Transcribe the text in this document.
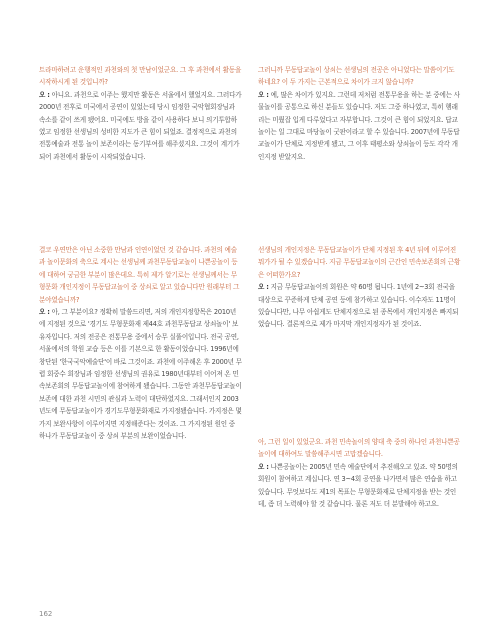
트라마하려고 운행적인 과천와의 첫 만남이었군요. 그 후 과천에서 활동을 시작하시게 된 것입니까?

오 : 아니요. 과천으로 이주는 했지만 활동은 서울에서 했었지요. 그러다가 2000년 전후로 미국에서 공연이 있었는데 당시 임정한 국악협회장님과 속소를 같이 쓰게 됐어요. 미국에도 방을 같이 사용하다 보니 의기투합하였고 임정한 선생님의 성비한 지도가 큰 힘이 되었죠. 결정적으로 과천의 전통예술과 전통 놀이 보존이라는 동기부여를 해주셨지요. 그것이 계기가 되어 과천에서 활동이 시작되었습니다.

결코 우연만은 아닌 소중한 만남과 인연이었던 것 같습니다. 과천의 예술과 놀이문화의 축으로 계시는 선생님께 과천무동답교놀이 나쁜공놀이 등에 대하여 궁금한 부분이 많은데요. 특히 제가 알기로는 선생님께서는 무형문화 개인지정이 무동답교놀이 중 상쇠로 알고 있습니다만 원래부터 그 분야였습니까?

오 : 아, 그 부분이요? 정확히 말씀드리면, 저의 개인지정항목은 2010년에 지정된 것으로 '경기도 무형문화재 제44호 과천무동답교 상쇠놀이' 보유자입니다. 저의 전공은 전통무용 중에서 승무 실풀이입니다. 전국 공연, 서울에서의 학원 교습 등은 이를 기본으로 한 활동이었습니다. 1996년에 창단된 '한국국악예술단'이 바로 그것이죠. 과천에 이주해온 후 2000년 무렵 회중수 회장님과 임정한 선생님의 권유로 1980년대부터 이어져 온 민속보존회의 무동답교놀이에 참여하게 됐습니다. 그동안 과천무동답교놀이 보존에 대한 과천 시민의 관심과 노력이 대단하였지요. 그래서인지 2003년도에 무동답교놀이가 경기도무형문화재로 가지정됐습니다. 가지정은 몇 가지 보완사항이 이루어지면 지정해준다는 것이죠. 그 가지정된 원인 중 하나가 무동답교놀이 중 상쇠 부분의 보완이었습니다.

그러니까 무동답교놀이 상쇠는 선생님의 전공은 아니었다는 말씀이기도 하네요? 이 두 가지는 근본적으로 차이가 크지 않습니까?

오 : 예, 많은 차이가 있지요. 그런데 저처럼 전통무용을 하는 분 중에는 사물놀이를 공통으로 하신 분들도 있습니다. 저도 그중 하나였고, 특히 햄래리는 미뤘잡 입게 다루었다고 자부합니다. 그것이 큰 힘이 되었지요. 답교놀이는 일 그대로 마당놀이 굿판이라고 할 수 있습니다. 2007년에 무동답교놀이가 단체로 지정받게 됐고, 그 이후 태평소와 상쇠놀이 등도 각각 개인지정 받았지요.

선생님의 개인지정은 무동답교놀이가 단체 지정된 후 4년 뒤에 이루어진 뭐가가 될 수 있겠습니다. 지금 무동답교놀이의 근간인 민속보존회의 근황은 어떠한가요?

오 : 지금 무동답교놀이의 회원은 약 60명 됩니다. 1년에 2~3회 전국을 대상으로 꾸준하게 단체 공연 등에 참가하고 있습니다. 이수자도 11명이 있습니다만, 나무 아쉽게도 단체지정으로 된 종목에서 개인지정은 빠지되었습니다. 결론적으로 제가 마지막 개인지정자가 된 것이죠.

아, 그런 일이 있었군요. 과천 민속놀이의 양대 축 중의 하나인 과천나쁜공놀이에 대하여도 말씀해주시면 고맙겠습니다.

오 : 나쁜공놀이는 2005년 민속 예술단에서 추진해오고 있죠. 약 50명의 회원이 참여하고 계십니다. 연 3~4회 공연을 나가면서 많은 연습을 하고 있습니다. 무엇보다도 제1의 목표는 무형문화재로 단체지정을 받는 것인데, 좀 더 노력해야 할 것 같습니다. 물론 저도 더 분발해야 하고요.

162
